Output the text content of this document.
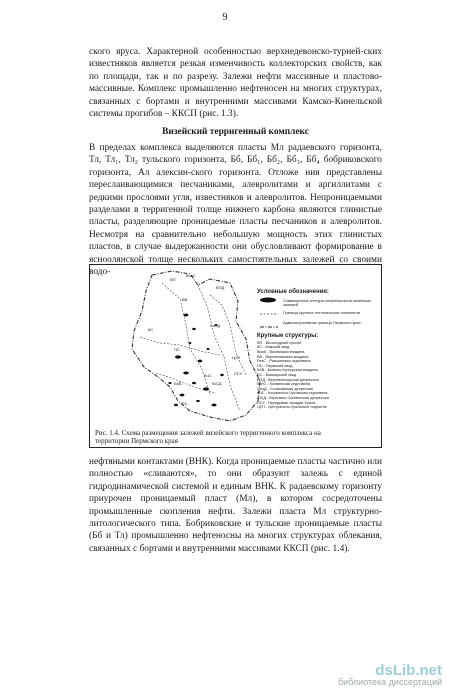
9

ского яруса. Характерной особенностью верхнедевонско-турней-ских известняков является резкая изменчивость коллекторских свойств, как по площади, так и по разрезу. Залежи нефти массивные и пластово-массивные. Комплекс промышленно нефтеносен на многих структурах, связанных с бортами и внутренними массивами Камско-Кинельской системы прогибов – ККСП (рис. 1.3).

Визейский терригенный комплекс

В пределах комплекса выделяются пласты Мл радаевского горизонта, Тл, Тл₁, Тл₂ тульского горизонта, Бб, Бб₁, Бб₂, Бб₃, Бб₄ бобриковского горизонта, Ал алексин-ского горизонта. Отложе ния представлены переслаивающимися песчаниками, алевролитами и аргиллитами с редкими прослоями угля, известняков и алевролитов. Непроницаемыми разделами в терригенной толще нижнего карбона являются глинистые пласты, разделяющие проницаемые пласты песчаников и алевролитов. Несмотря на сравнительно небольшую мощность этих глинистых пластов, в случае выдержанности они обусловливают формирование в ясноолянской толще нескольких самостоятельных залежей со своими водо-

ВП
КолС
ВПД
ВВ
КС
СолД
ПС
КЧС
ЮСД
БКВ
БС
ЦУП
ПСУ
Условные обозначения:
Совмещенные контуры нефтеносности визейских залежей
Границы крупных тектонических элементов
Административная граница Пермского края
Крупные структуры:
ВП - Вычегодский прогиб
КС - Камский свод
ВисВ - Висимская впадина
ВВ - Верхнекамская впадина
РазС - Ракшинская седловина
ПС - Пермский свод
БКВ - Бымско-Кунгурская впадина
БС - Башкирский свод
ВПД - Верхнепечорская депрессия
КолС - Колвинская седловина
СолД - Соликамская депрессия
КЧС - Косьвинско-Чусовская седловина
ЮСД - Юрюзано-Сылвенская депрессия
ПСУ - Передовые складки Урала
ЦУП - Центрально-Уральское поднятие
Рис. 1.4. Схема размещения залежей визейского терригенного комплекса на территории Пермского края

нефтяными контактами (ВНК). Когда проницаемые пласты частично или полностью «сливаются», то они образуют залежь с единой гидродинамической системой и единым ВНК. К радаевскому горизонту приурочен проницаемый пласт (Мл), в котором сосредоточены промышленные скопления нефти. Залежи пласта Мл структурно-литологического типа. Бобриковские и тульские проницаемые пласты (Бб и Тл) промышленно нефтеносны на многих структурах облекания, связанных с бортами и внутренними массивами ККСП (рис. 1.4).

dsLib.net
библиотека диссертаций
